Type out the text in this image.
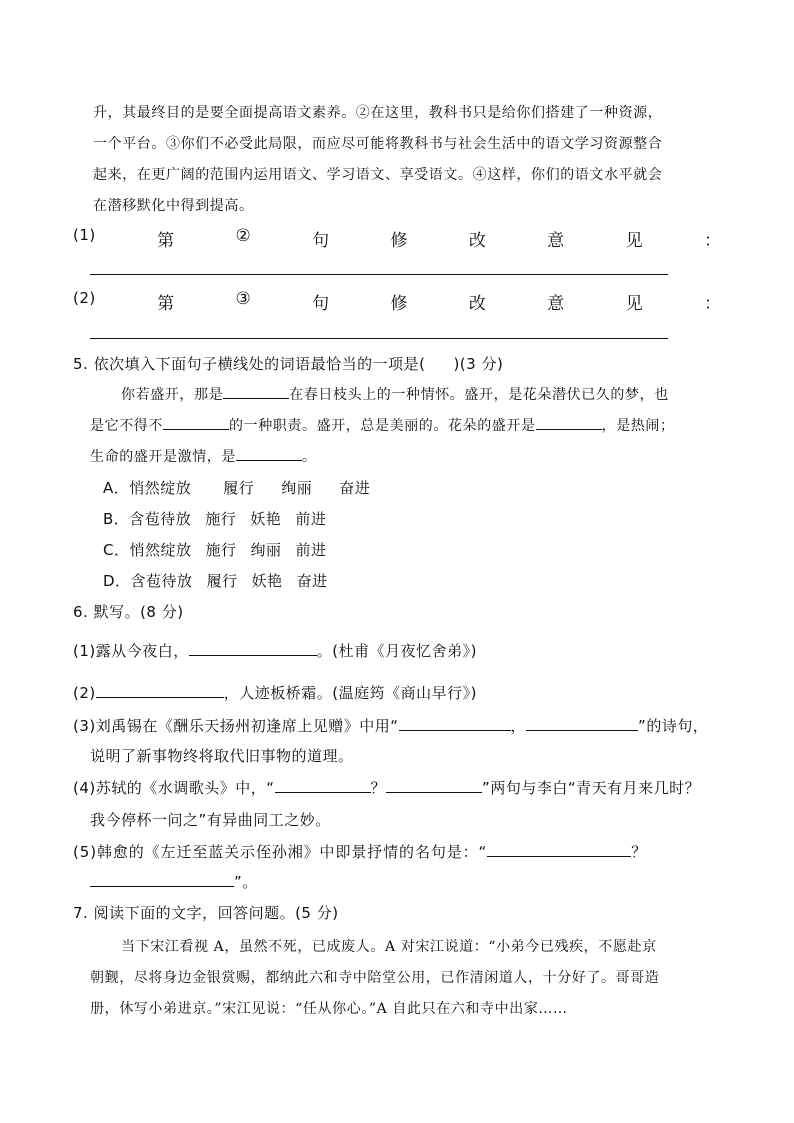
升，其最终目的是要全面提高语文素养。②在这里，教科书只是给你们搭建了一种资源，
一个平台。③你们不必受此局限，而应尽可能将教科书与社会生活中的语文学习资源整合
起来，在更广阔的范围内运用语文、学习语文、享受语文。④这样，你们的语文水平就会
在潜移默化中得到提高。
(1)	第	②	句	修	改	意	见	：
(2)	第	③	句	修	改	意	见	：
5. 依次填入下面句子横线处的词语最恰当的一项是( )(3 分)
你若盛开，那是	在春日枝头上的一种情怀。盛开，是花朵潜伏已久的梦，也
是它不得不	的一种职责。盛开，总是美丽的。花朵的盛开是	，是热闹；
生命的盛开是激情，是	。
A．悄然绽放 履行 绚丽 奋进
B．含苞待放 施行 妖艳 前进
C．悄然绽放 施行 绚丽 前进
D．含苞待放 履行 妖艳 奋进
6. 默写。(8 分)
(1)露从今夜白，	。(杜甫《月夜忆舍弟》)
(2)	，人迹板桥霜。(温庭筠《商山早行》)
(3)刘禹锡在《酬乐天扬州初逢席上见赠》中用“	，	”的诗句，
说明了新事物终将取代旧事物的道理。
(4)苏轼的《水调歌头》中，“	？	”两句与李白“青天有月来几时？
我今停杯一问之”有异曲同工之妙。
(5)韩愈的《左迁至蓝关示侄孙湘》中即景抒情的名句是：“	？
”。
7. 阅读下面的文字，回答问题。(5 分)
当下宋江看视 A，虽然不死，已成废人。A 对宋江说道：“小弟今已残疾，不愿赴京
朝觐，尽将身边金银赏赐，都纳此六和寺中陪堂公用，已作清闲道人，十分好了。哥哥造
册，休写小弟进京。”宋江见说：“任从你心。”A 自此只在六和寺中出家……
